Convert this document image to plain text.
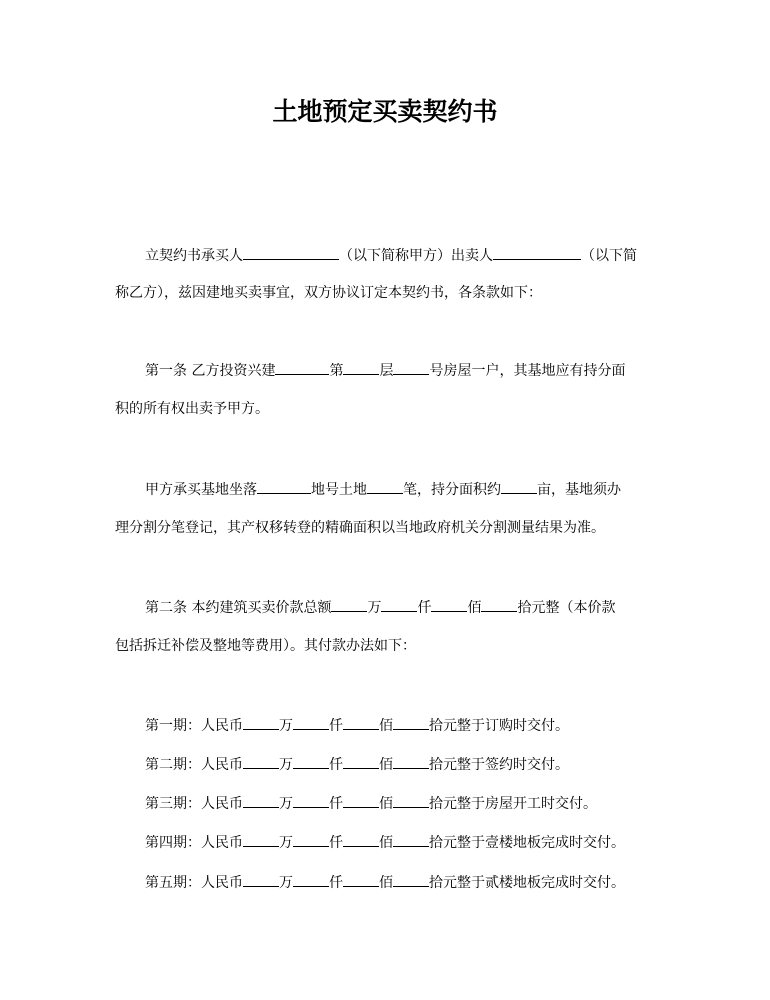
土地预定买卖契约书
立契约书承买人	（以下简称甲方）出卖人	（以下简
称乙方），兹因建地买卖事宜，双方协议订定本契约书，各条款如下：
第一条 乙方投资兴建	第	层	号房屋一户，其基地应有持分面
积的所有权出卖予甲方。
甲方承买基地坐落	地号土地	笔，持分面积约	亩，基地须办
理分割分笔登记，其产权移转登的精确面积以当地政府机关分割测量结果为准。
第二条 本约建筑买卖价款总额	万	仟	佰	拾元整（本价款
包括拆迁补偿及整地等费用）。其付款办法如下：
第一期：人民币	万	仟	佰	拾元整于订购时交付。
第二期：人民币	万	仟	佰	拾元整于签约时交付。
第三期：人民币	万	仟	佰	拾元整于房屋开工时交付。
第四期：人民币	万	仟	佰	拾元整于壹楼地板完成时交付。
第五期：人民币	万	仟	佰	拾元整于贰楼地板完成时交付。
